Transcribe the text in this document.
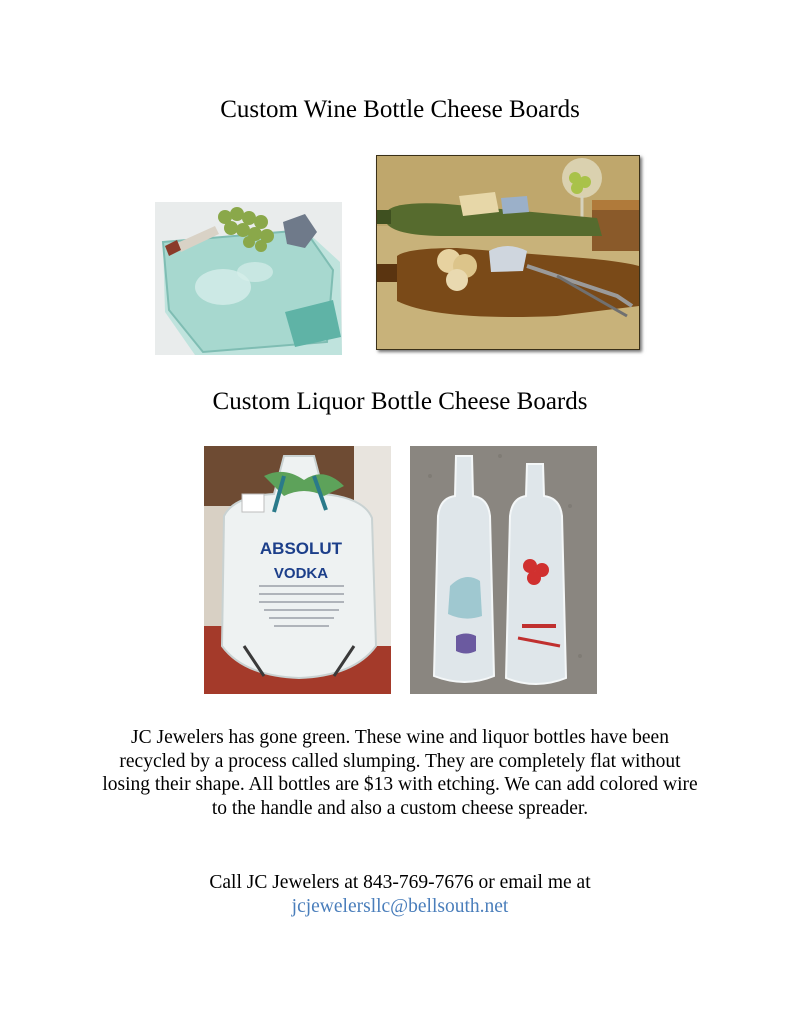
Custom Wine Bottle Cheese Boards
Custom Liquor Bottle Cheese Boards
ABSOLUT
VODKA
JC Jewelers has gone green. These wine and liquor bottles have been recycled by a process called slumping. They are completely flat without losing their shape. All bottles are $13 with etching. We can add colored wire to the handle and also a custom cheese spreader.
Call JC Jewelers at 843-769-7676 or email me at
jcjewelersllc@bellsouth.net
